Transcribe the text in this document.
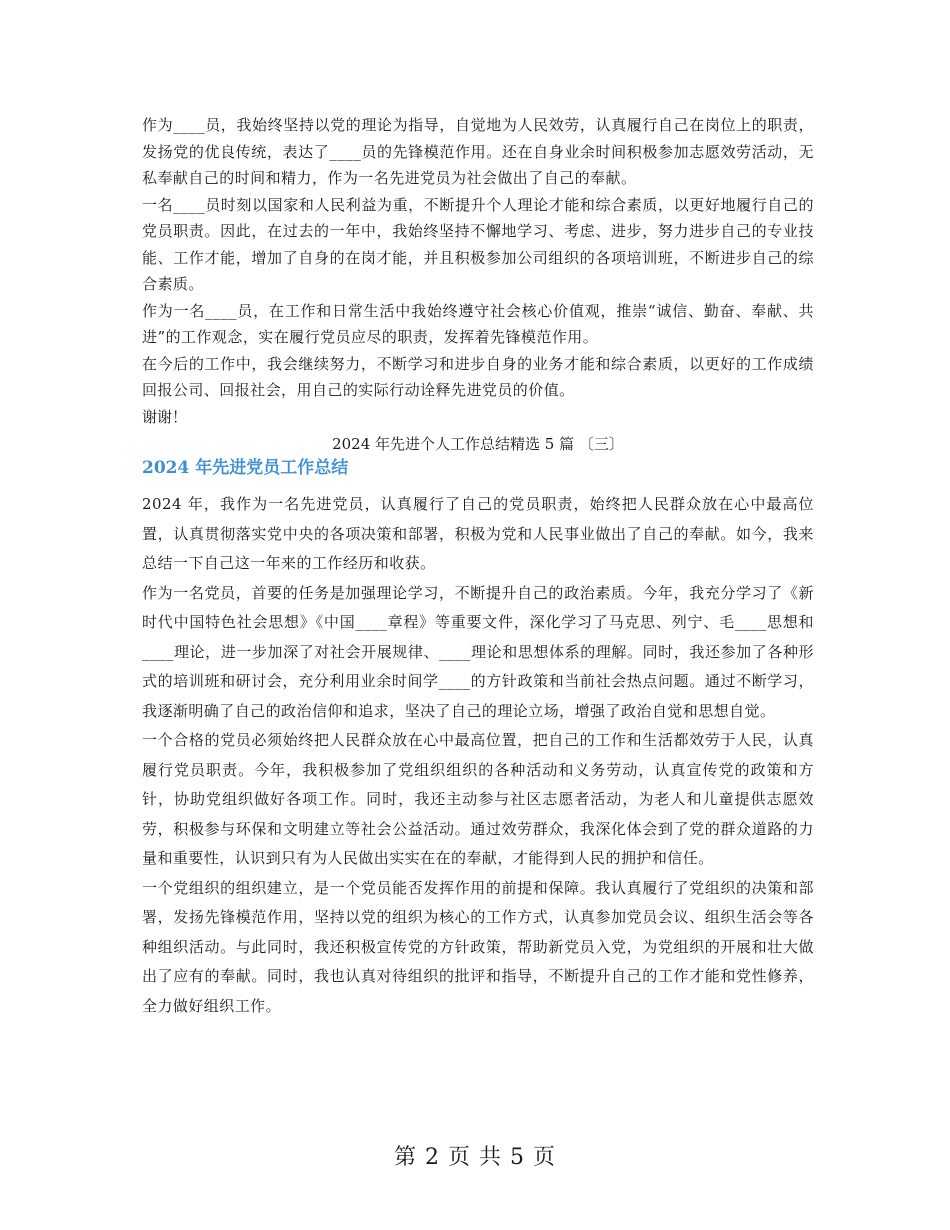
作为____员，我始终坚持以党的理论为指导，自觉地为人民效劳，认真履行自己在岗位上的职责，发扬党的优良传统，表达了____员的先锋模范作用。还在自身业余时间积极参加志愿效劳活动，无私奉献自己的时间和精力，作为一名先进党员为社会做出了自己的奉献。

一名____员时刻以国家和人民利益为重，不断提升个人理论才能和综合素质，以更好地履行自己的党员职责。因此，在过去的一年中，我始终坚持不懈地学习、考虑、进步，努力进步自己的专业技能、工作才能，增加了自身的在岗才能，并且积极参加公司组织的各项培训班，不断进步自己的综合素质。

作为一名____员，在工作和日常生活中我始终遵守社会核心价值观，推崇“诚信、勤奋、奉献、共进”的工作观念，实在履行党员应尽的职责，发挥着先锋模范作用。

在今后的工作中，我会继续努力，不断学习和进步自身的业务才能和综合素质，以更好的工作成绩回报公司、回报社会，用自己的实际行动诠释先进党员的价值。

谢谢！

2024 年先进个人工作总结精选 5 篇 〔三〕

2024 年先进党员工作总结

2024 年，我作为一名先进党员，认真履行了自己的党员职责，始终把人民群众放在心中最高位置，认真贯彻落实党中央的各项决策和部署，积极为党和人民事业做出了自己的奉献。如今，我来总结一下自己这一年来的工作经历和收获。

作为一名党员，首要的任务是加强理论学习，不断提升自己的政治素质。今年，我充分学习了《新时代中国特色社会思想》《中国____章程》等重要文件，深化学习了马克思、列宁、毛____思想和____理论，进一步加深了对社会开展规律、____理论和思想体系的理解。同时，我还参加了各种形式的培训班和研讨会，充分利用业余时间学____的方针政策和当前社会热点问题。通过不断学习，我逐渐明确了自己的政治信仰和追求，坚决了自己的理论立场，增强了政治自觉和思想自觉。

一个合格的党员必须始终把人民群众放在心中最高位置，把自己的工作和生活都效劳于人民，认真履行党员职责。今年，我积极参加了党组织组织的各种活动和义务劳动，认真宣传党的政策和方针，协助党组织做好各项工作。同时，我还主动参与社区志愿者活动，为老人和儿童提供志愿效劳，积极参与环保和文明建立等社会公益活动。通过效劳群众，我深化体会到了党的群众道路的力量和重要性，认识到只有为人民做出实实在在的奉献，才能得到人民的拥护和信任。

一个党组织的组织建立，是一个党员能否发挥作用的前提和保障。我认真履行了党组织的决策和部署，发扬先锋模范作用，坚持以党的组织为核心的工作方式，认真参加党员会议、组织生活会等各种组织活动。与此同时，我还积极宣传党的方针政策，帮助新党员入党，为党组织的开展和壮大做出了应有的奉献。同时，我也认真对待组织的批评和指导，不断提升自己的工作才能和党性修养，全力做好组织工作。

第 2 页 共 5 页
